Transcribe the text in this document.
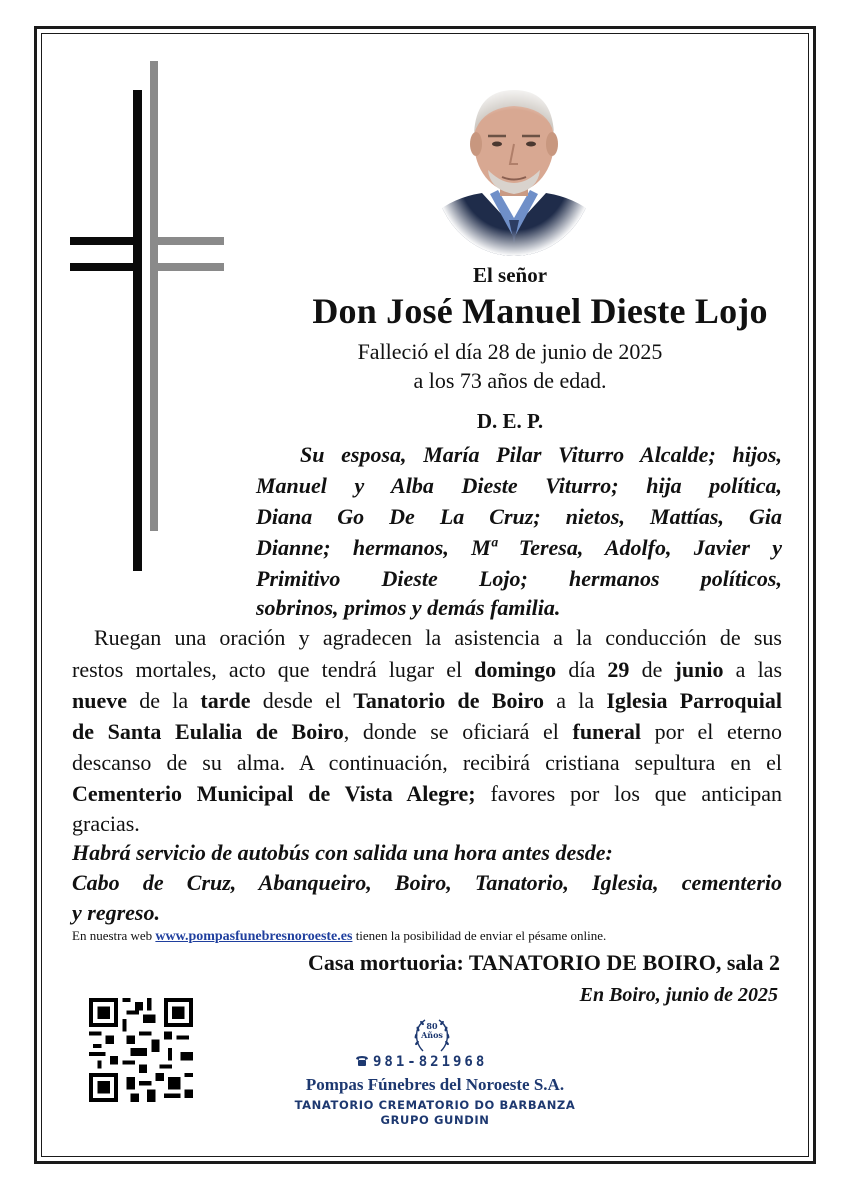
El señor
Don José Manuel Dieste Lojo
Falleció el día 28 de junio de 2025
a los 73 años de edad.
D. E. P.
Su esposa, María Pilar Viturro Alcalde; hijos,
Manuel y Alba Dieste Viturro; hija política,
Diana Go De La Cruz; nietos, Mattías, Gia
Dianne; hermanos, Mª Teresa, Adolfo, Javier y
Primitivo Dieste Lojo; hermanos políticos,
sobrinos, primos y demás familia.
Ruegan una oración y agradecen la asistencia a la conducción de sus
restos mortales, acto que tendrá lugar el domingo día 29 de junio a las
nueve de la tarde desde el Tanatorio de Boiro a la Iglesia Parroquial
de Santa Eulalia de Boiro, donde se oficiará el funeral por el eterno
descanso de su alma. A continuación, recibirá cristiana sepultura en el
Cementerio Municipal de Vista Alegre; favores por los que anticipan
gracias.
Habrá servicio de autobús con salida una hora antes desde:
Cabo de Cruz, Abanqueiro, Boiro, Tanatorio, Iglesia, cementerio
y regreso.
En nuestra web www.pompasfunebresnoroeste.es tienen la posibilidad de enviar el pésame online.
Casa mortuoria: TANATORIO DE BOIRO, sala 2
En Boiro, junio de 2025
80
Años
981-821968
Pompas Fúnebres del Noroeste S.A.
TANATORIO CREMATORIO DO BARBANZA
GRUPO GUNDIN
